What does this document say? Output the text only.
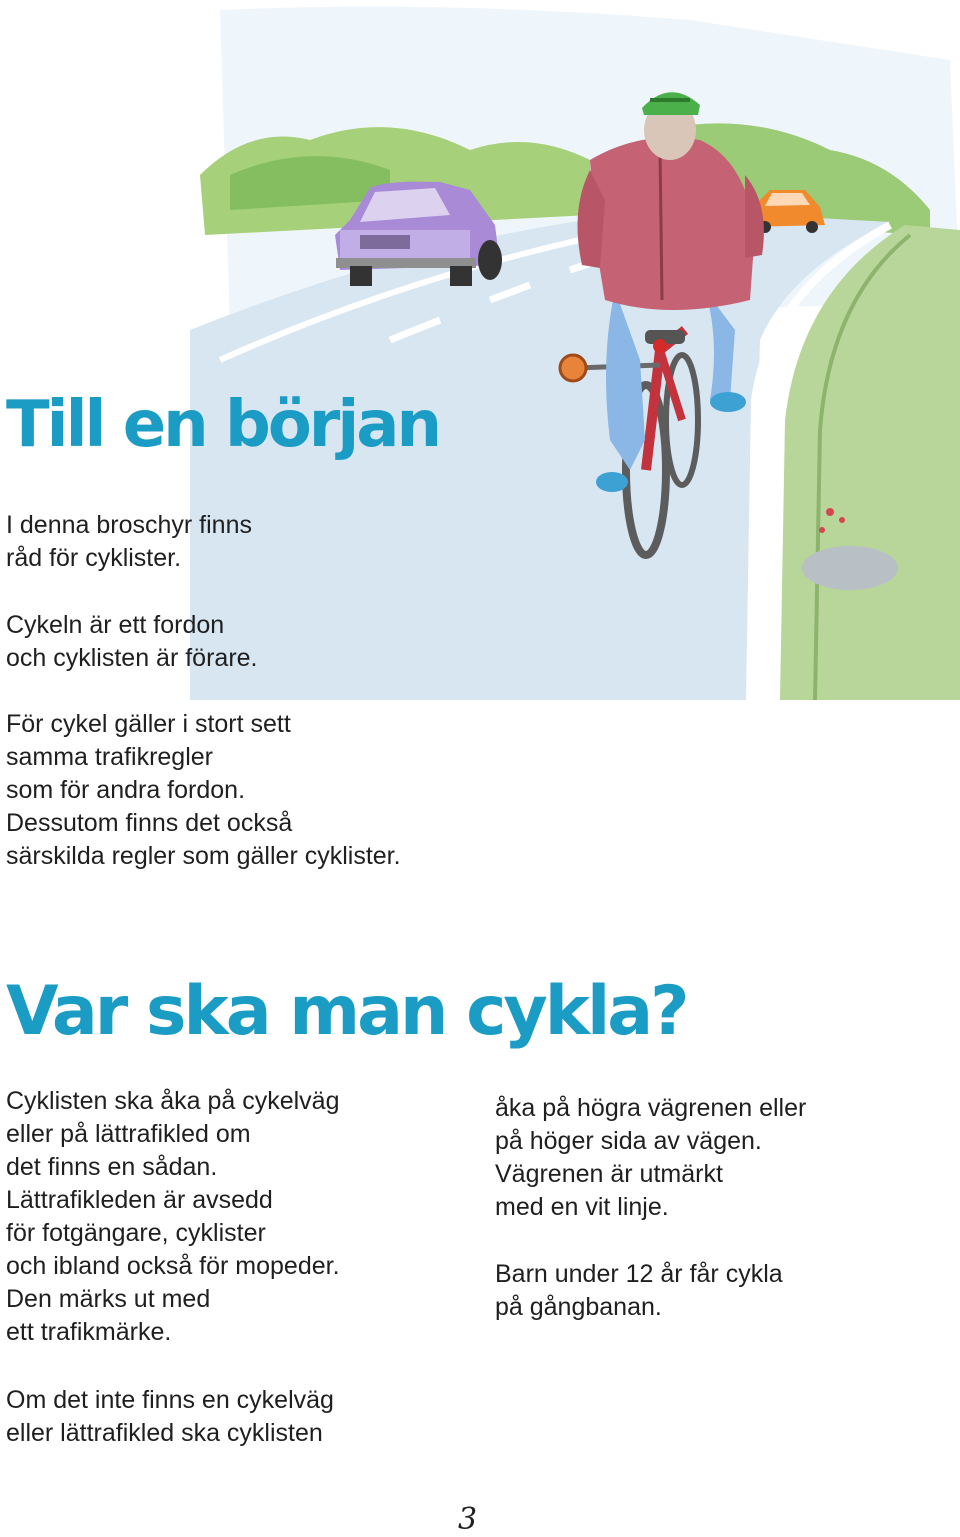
Till en början

I denna broschyr finns
råd för cyklister.

Cykeln är ett fordon
och cyklisten är förare.

För cykel gäller i stort sett
samma trafikregler
som för andra fordon.
Dessutom finns det också
särskilda regler som gäller cyklister.

Var ska man cykla?

Cyklisten ska åka på cykelväg
eller på lättrafikled om
det finns en sådan.
Lättrafikleden är avsedd
för fotgängare, cyklister
och ibland också för mopeder.
Den märks ut med
ett trafikmärke.

Om det inte finns en cykelväg
eller lättrafikled ska cyklisten

åka på högra vägrenen eller
på höger sida av vägen.
Vägrenen är utmärkt
med en vit linje.

Barn under 12 år får cykla
på gångbanan.

3
